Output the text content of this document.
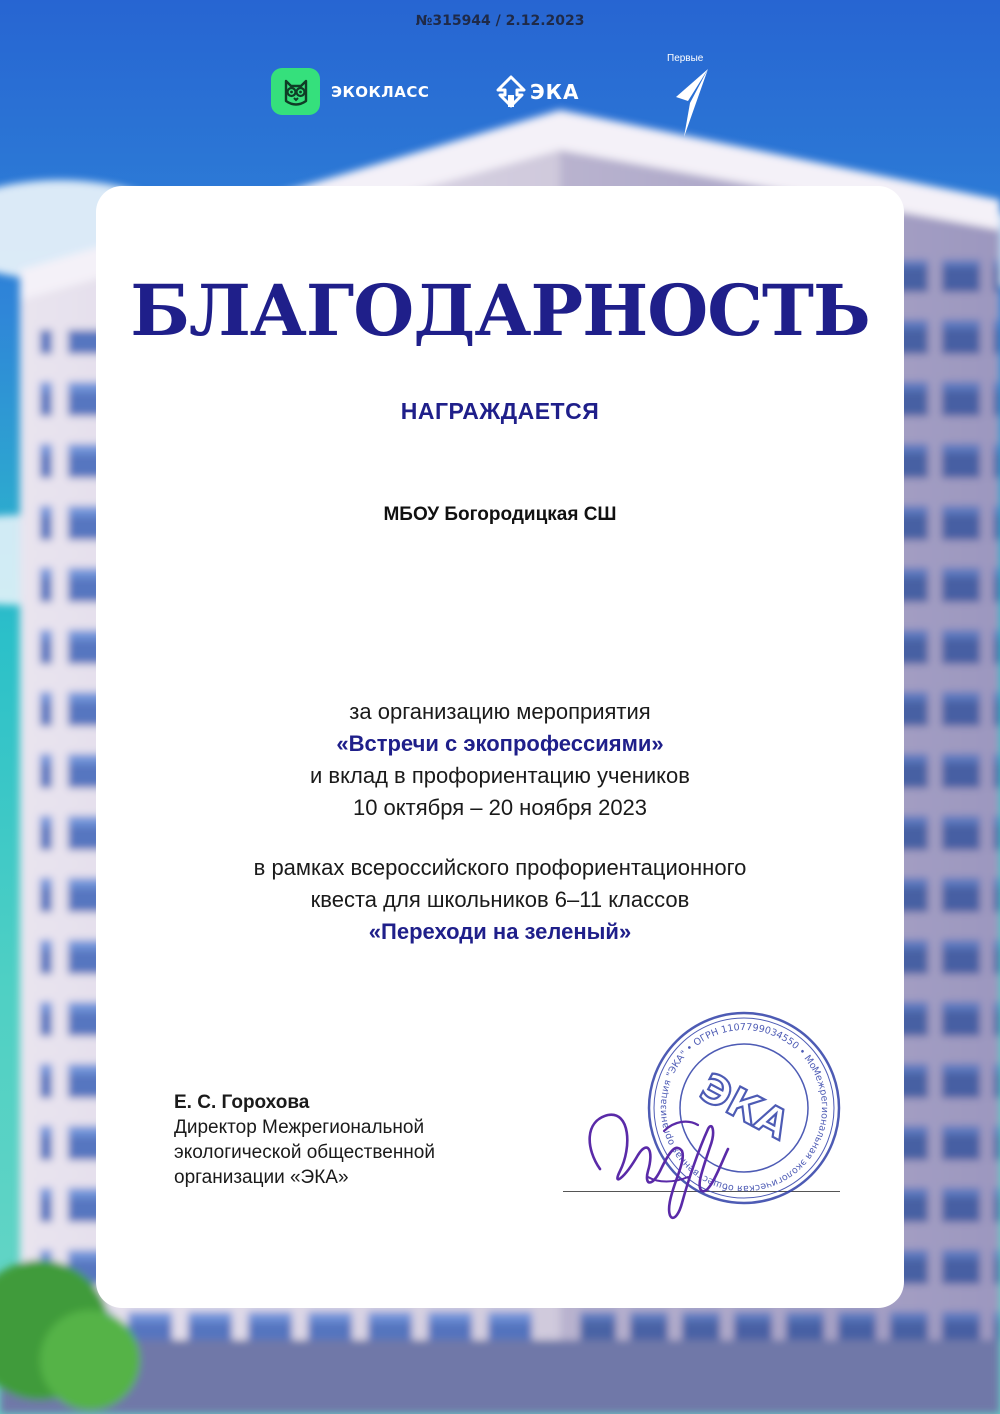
№315944 / 2.12.2023
ЭКОКЛАСС	ЭКА
Первые
БЛАГОДАРНОСТЬ
НАГРАЖДАЕТСЯ
МБОУ Богородицкая СШ
за организацию мероприятия
«Встречи с экопрофессиями»
и вклад в профориентацию учеников
10 октября – 20 ноября 2023
в рамках всероссийского профориентационного
квеста для школьников 6–11 классов
«Переходи на зеленый»
Е. С. Горохова
Директор Межрегиональной
экологической общественной
организации «ЭКА»
Межрегиональная экологическая общественная организация "ЭКА" • ОГРН 1107799034550 • Москва
ЭКА
